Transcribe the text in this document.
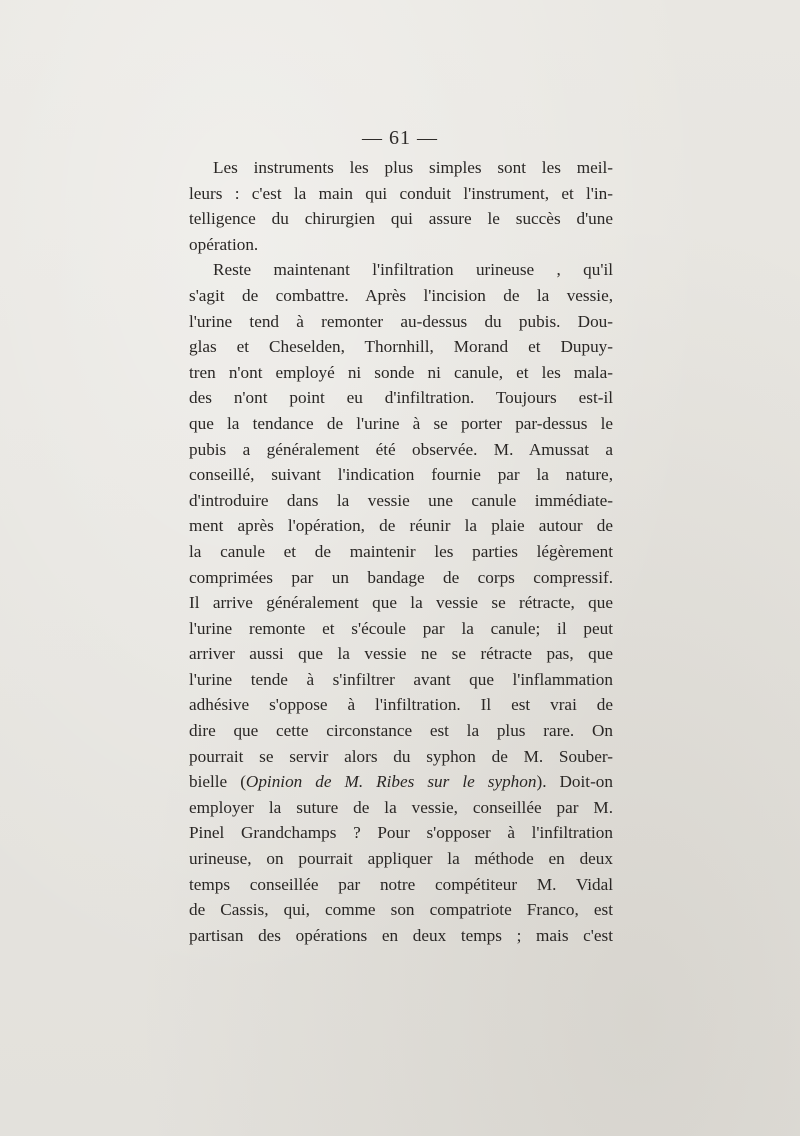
— 61 —
Les instruments les plus simples sont les meil-
leurs : c'est la main qui conduit l'instrument, et l'in-
telligence du chirurgien qui assure le succès d'une
opération.
Reste maintenant l'infiltration urineuse , qu'il
s'agit de combattre. Après l'incision de la vessie,
l'urine tend à remonter au-dessus du pubis. Dou-
glas et Cheselden, Thornhill, Morand et Dupuy-
tren n'ont employé ni sonde ni canule, et les mala-
des n'ont point eu d'infiltration. Toujours est-il
que la tendance de l'urine à se porter par-dessus le
pubis a généralement été observée. M. Amussat a
conseillé, suivant l'indication fournie par la nature,
d'introduire dans la vessie une canule immédiate-
ment après l'opération, de réunir la plaie autour de
la canule et de maintenir les parties légèrement
comprimées par un bandage de corps compressif.
Il arrive généralement que la vessie se rétracte, que
l'urine remonte et s'écoule par la canule; il peut
arriver aussi que la vessie ne se rétracte pas, que
l'urine tende à s'infiltrer avant que l'inflammation
adhésive s'oppose à l'infiltration. Il est vrai de
dire que cette circonstance est la plus rare. On
pourrait se servir alors du syphon de M. Souber-
bielle (Opinion de M. Ribes sur le syphon). Doit-on
employer la suture de la vessie, conseillée par M.
Pinel Grandchamps ? Pour s'opposer à l'infiltration
urineuse, on pourrait appliquer la méthode en deux
temps conseillée par notre compétiteur M. Vidal
de Cassis, qui, comme son compatriote Franco, est
partisan des opérations en deux temps ; mais c'est
